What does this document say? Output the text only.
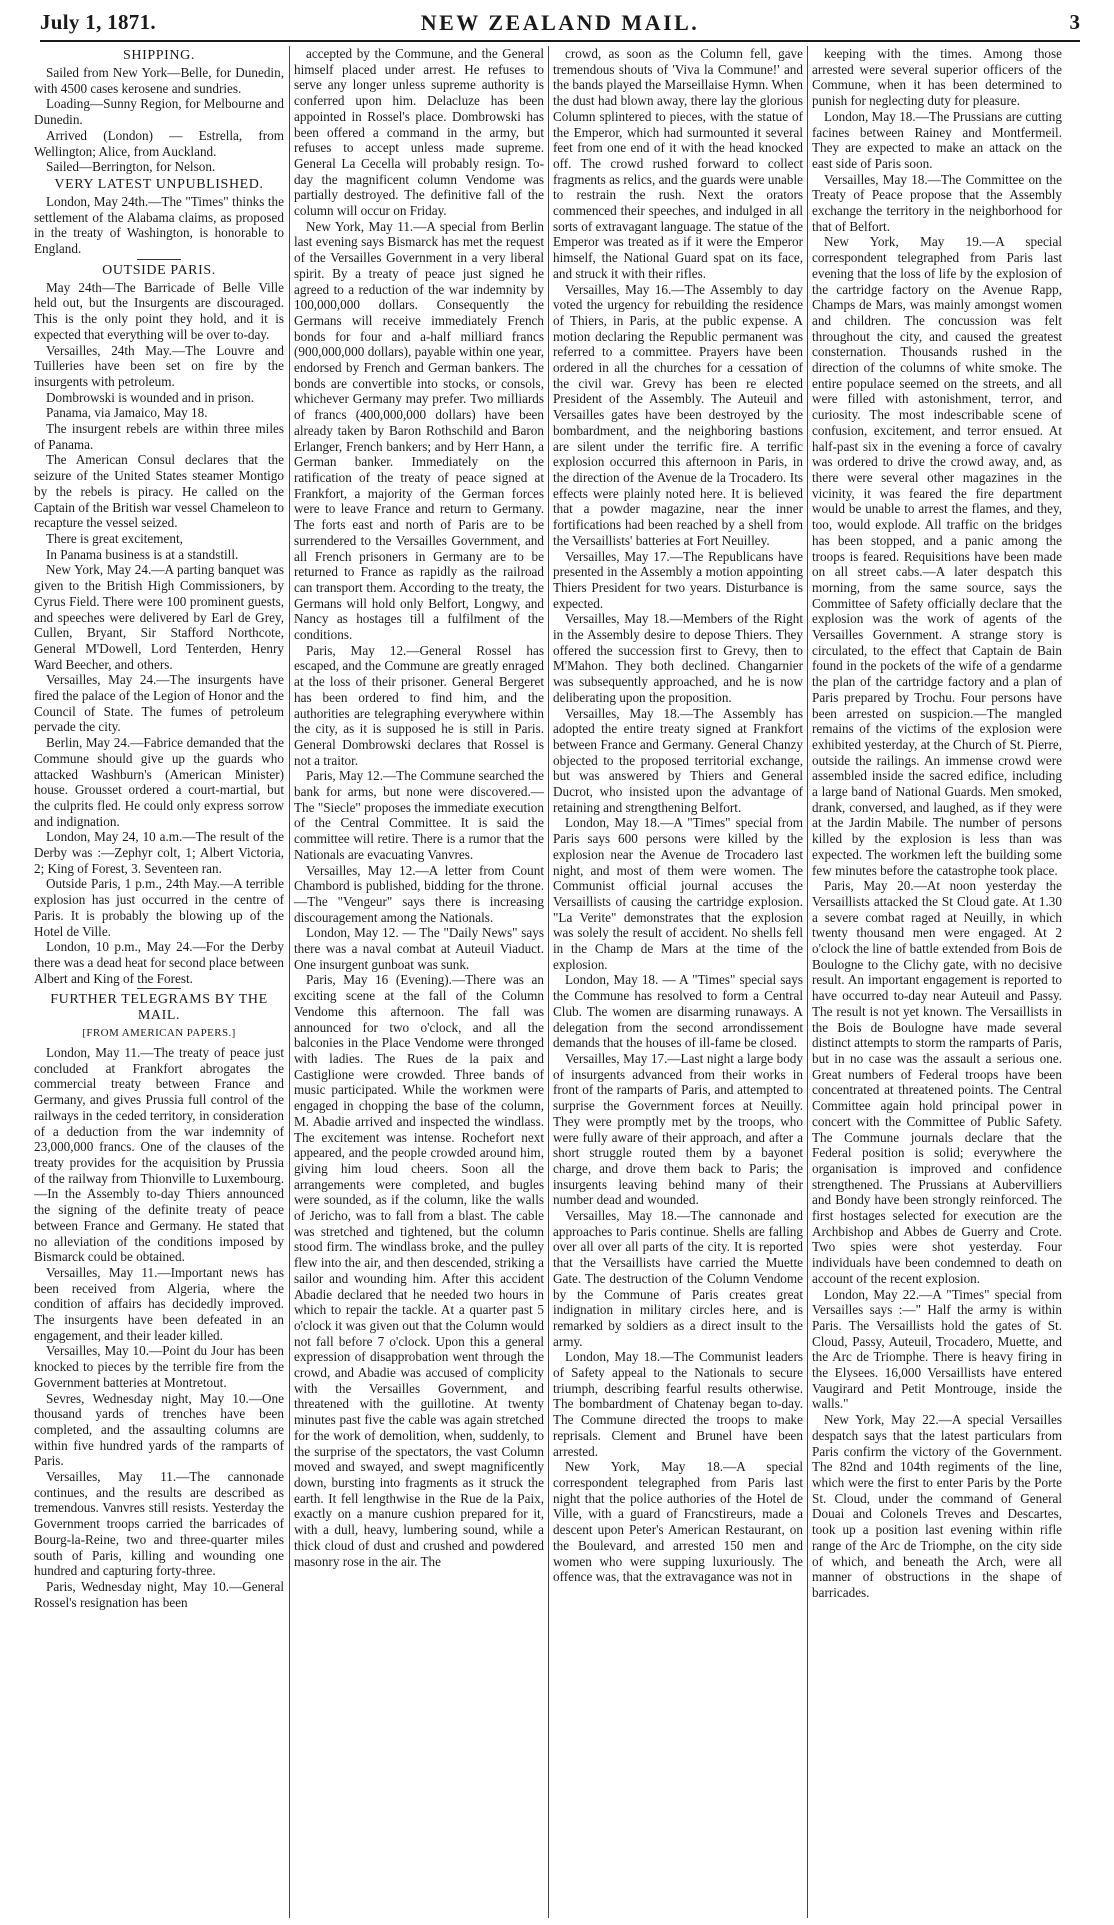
July 1, 1871.	NEW ZEALAND MAIL.	3
SHIPPING.

Sailed from New York—Belle, for Dunedin, with 4500 cases kerosene and sundries.

Loading—Sunny Region, for Melbourne and Dunedin.

Arrived (London) — Estrella, from Wellington; Alice, from Auckland.

Sailed—Berrington, for Nelson.

VERY LATEST UNPUBLISHED.

London, May 24th.—The "Times" thinks the settlement of the Alabama claims, as proposed in the treaty of Washington, is honorable to England.

OUTSIDE PARIS.

May 24th—The Barricade of Belle Ville held out, but the Insurgents are discouraged. This is the only point they hold, and it is expected that everything will be over to-day.

Versailles, 24th May.—The Louvre and Tuilleries have been set on fire by the insurgents with petroleum.

Dombrowski is wounded and in prison.

Panama, via Jamaico, May 18.

The insurgent rebels are within three miles of Panama.

The American Consul declares that the seizure of the United States steamer Montigo by the rebels is piracy. He called on the Captain of the British war vessel Chameleon to recapture the vessel seized.

There is great excitement,

In Panama business is at a standstill.

New York, May 24.—A parting banquet was given to the British High Commissioners, by Cyrus Field. There were 100 prominent guests, and speeches were delivered by Earl de Grey, Cullen, Bryant, Sir Stafford Northcote, General M'Dowell, Lord Tenterden, Henry Ward Beecher, and others.

Versailles, May 24.—The insurgents have fired the palace of the Legion of Honor and the Council of State. The fumes of petroleum pervade the city.

Berlin, May 24.—Fabrice demanded that the Commune should give up the guards who attacked Washburn's (American Minister) house. Grousset ordered a court-martial, but the culprits fled. He could only express sorrow and indignation.

London, May 24, 10 a.m.—The result of the Derby was :—Zephyr colt, 1; Albert Victoria, 2; King of Forest, 3. Seventeen ran.

Outside Paris, 1 p.m., 24th May.—A terrible explosion has just occurred in the centre of Paris. It is probably the blowing up of the Hotel de Ville.

London, 10 p.m., May 24.—For the Derby there was a dead heat for second place between Albert and King of the Forest.

FURTHER TELEGRAMS BY THE MAIL.
[FROM AMERICAN PAPERS.]

London, May 11.—The treaty of peace just concluded at Frankfort abrogates the commercial treaty between France and Germany, and gives Prussia full control of the railways in the ceded territory, in consideration of a deduction from the war indemnity of 23,000,000 francs. One of the clauses of the treaty provides for the acquisition by Prussia of the railway from Thionville to Luxembourg.—In the Assembly to-day Thiers announced the signing of the definite treaty of peace between France and Germany. He stated that no alleviation of the conditions imposed by Bismarck could be obtained.

Versailles, May 11.—Important news has been received from Algeria, where the condition of affairs has decidedly improved. The insurgents have been defeated in an engagement, and their leader killed.

Versailles, May 10.—Point du Jour has been knocked to pieces by the terrible fire from the Government batteries at Montretout.

Sevres, Wednesday night, May 10.—One thousand yards of trenches have been completed, and the assaulting columns are within five hundred yards of the ramparts of Paris.

Versailles, May 11.—The cannonade continues, and the results are described as tremendous. Vanvres still resists. Yesterday the Government troops carried the barricades of Bourg-la-Reine, two and three-quarter miles south of Paris, killing and wounding one hundred and capturing forty-three.

Paris, Wednesday night, May 10.—General Rossel's resignation has been

accepted by the Commune, and the General himself placed under arrest. He refuses to serve any longer unless supreme authority is conferred upon him. Delacluze has been appointed in Rossel's place. Dombrowski has been offered a command in the army, but refuses to accept unless made supreme. General La Cecella will probably resign. To-day the magnificent column Vendome was partially destroyed. The definitive fall of the column will occur on Friday.

New York, May 11.—A special from Berlin last evening says Bismarck has met the request of the Versailles Government in a very liberal spirit. By a treaty of peace just signed he agreed to a reduction of the war indemnity by 100,000,000 dollars. Consequently the Germans will receive immediately French bonds for four and a-half milliard francs (900,000,000 dollars), payable within one year, endorsed by French and German bankers. The bonds are convertible into stocks, or consols, whichever Germany may prefer. Two milliards of francs (400,000,000 dollars) have been already taken by Baron Rothschild and Baron Erlanger, French bankers; and by Herr Hann, a German banker. Immediately on the ratification of the treaty of peace signed at Frankfort, a majority of the German forces were to leave France and return to Germany. The forts east and north of Paris are to be surrendered to the Versailles Government, and all French prisoners in Germany are to be returned to France as rapidly as the railroad can transport them. According to the treaty, the Germans will hold only Belfort, Longwy, and Nancy as hostages till a fulfilment of the conditions.

Paris, May 12.—General Rossel has escaped, and the Commune are greatly enraged at the loss of their prisoner. General Bergeret has been ordered to find him, and the authorities are telegraphing everywhere within the city, as it is supposed he is still in Paris. General Dombrowski declares that Rossel is not a traitor.

Paris, May 12.—The Commune searched the bank for arms, but none were discovered.—The "Siecle" proposes the immediate execution of the Central Committee. It is said the committee will retire. There is a rumor that the Nationals are evacuating Vanvres.

Versailles, May 12.—A letter from Count Chambord is published, bidding for the throne.—The "Vengeur" says there is increasing discouragement among the Nationals.

London, May 12. — The "Daily News" says there was a naval combat at Auteuil Viaduct. One insurgent gunboat was sunk.

Paris, May 16 (Evening).—There was an exciting scene at the fall of the Column Vendome this afternoon. The fall was announced for two o'clock, and all the balconies in the Place Vendome were thronged with ladies. The Rues de la paix and Castiglione were crowded. Three bands of music participated. While the workmen were engaged in chopping the base of the column, M. Abadie arrived and inspected the windlass. The excitement was intense. Rochefort next appeared, and the people crowded around him, giving him loud cheers. Soon all the arrangements were completed, and bugles were sounded, as if the column, like the walls of Jericho, was to fall from a blast. The cable was stretched and tightened, but the column stood firm. The windlass broke, and the pulley flew into the air, and then descended, striking a sailor and wounding him. After this accident Abadie declared that he needed two hours in which to repair the tackle. At a quarter past 5 o'clock it was given out that the Column would not fall before 7 o'clock. Upon this a general expression of disapprobation went through the crowd, and Abadie was accused of complicity with the Versailles Government, and threatened with the guillotine. At twenty minutes past five the cable was again stretched for the work of demolition, when, suddenly, to the surprise of the spectators, the vast Column moved and swayed, and swept magnificently down, bursting into fragments as it struck the earth. It fell lengthwise in the Rue de la Paix, exactly on a manure cushion prepared for it, with a dull, heavy, lumbering sound, while a thick cloud of dust and crushed and powdered masonry rose in the air. The

crowd, as soon as the Column fell, gave tremendous shouts of 'Viva la Commune!' and the bands played the Marseillaise Hymn. When the dust had blown away, there lay the glorious Column splintered to pieces, with the statue of the Emperor, which had surmounted it several feet from one end of it with the head knocked off. The crowd rushed forward to collect fragments as relics, and the guards were unable to restrain the rush. Next the orators commenced their speeches, and indulged in all sorts of extravagant language. The statue of the Emperor was treated as if it were the Emperor himself, the National Guard spat on its face, and struck it with their rifles.

Versailles, May 16.—The Assembly to day voted the urgency for rebuilding the residence of Thiers, in Paris, at the public expense. A motion declaring the Republic permanent was referred to a committee. Prayers have been ordered in all the churches for a cessation of the civil war. Grevy has been re elected President of the Assembly. The Auteuil and Versailles gates have been destroyed by the bombardment, and the neighboring bastions are silent under the terrific fire. A terrific explosion occurred this afternoon in Paris, in the direction of the Avenue de la Trocadero. Its effects were plainly noted here. It is believed that a powder magazine, near the inner fortifications had been reached by a shell from the Versaillists' batteries at Fort Neuilley.

Versailles, May 17.—The Republicans have presented in the Assembly a motion appointing Thiers President for two years. Disturbance is expected.

Versailles, May 18.—Members of the Right in the Assembly desire to depose Thiers. They offered the succession first to Grevy, then to M'Mahon. They both declined. Changarnier was subsequently approached, and he is now deliberating upon the proposition.

Versailles, May 18.—The Assembly has adopted the entire treaty signed at Frankfort between France and Germany. General Chanzy objected to the proposed territorial exchange, but was answered by Thiers and General Ducrot, who insisted upon the advantage of retaining and strengthening Belfort.

London, May 18.—A "Times" special from Paris says 600 persons were killed by the explosion near the Avenue de Trocadero last night, and most of them were women. The Communist official journal accuses the Versaillists of causing the cartridge explosion. "La Verite" demonstrates that the explosion was solely the result of accident. No shells fell in the Champ de Mars at the time of the explosion.

London, May 18. — A "Times" special says the Commune has resolved to form a Central Club. The women are disarming runaways. A delegation from the second arrondissement demands that the houses of ill-fame be closed.

Versailles, May 17.—Last night a large body of insurgents advanced from their works in front of the ramparts of Paris, and attempted to surprise the Government forces at Neuilly. They were promptly met by the troops, who were fully aware of their approach, and after a short struggle routed them by a bayonet charge, and drove them back to Paris; the insurgents leaving behind many of their number dead and wounded.

Versailles, May 18.—The cannonade and approaches to Paris continue. Shells are falling over all over all parts of the city. It is reported that the Versaillists have carried the Muette Gate. The destruction of the Column Vendome by the Commune of Paris creates great indignation in military circles here, and is remarked by soldiers as a direct insult to the army.

London, May 18.—The Communist leaders of Safety appeal to the Nationals to secure triumph, describing fearful results otherwise. The bombardment of Chatenay began to-day. The Commune directed the troops to make reprisals. Clement and Brunel have been arrested.

New York, May 18.—A special correspondent telegraphed from Paris last night that the police authories of the Hotel de Ville, with a guard of Francstireurs, made a descent upon Peter's American Restaurant, on the Boulevard, and arrested 150 men and women who were supping luxuriously. The offence was, that the extravagance was not in

keeping with the times. Among those arrested were several superior officers of the Commune, when it has been determined to punish for neglecting duty for pleasure.

London, May 18.—The Prussians are cutting facines between Rainey and Montfermeil. They are expected to make an attack on the east side of Paris soon.

Versailles, May 18.—The Committee on the Treaty of Peace propose that the Assembly exchange the territory in the neighborhood for that of Belfort.

New York, May 19.—A special correspondent telegraphed from Paris last evening that the loss of life by the explosion of the cartridge factory on the Avenue Rapp, Champs de Mars, was mainly amongst women and children. The concussion was felt throughout the city, and caused the greatest consternation. Thousands rushed in the direction of the columns of white smoke. The entire populace seemed on the streets, and all were filled with astonishment, terror, and curiosity. The most indescribable scene of confusion, excitement, and terror ensued. At half-past six in the evening a force of cavalry was ordered to drive the crowd away, and, as there were several other magazines in the vicinity, it was feared the fire department would be unable to arrest the flames, and they, too, would explode. All traffic on the bridges has been stopped, and a panic among the troops is feared. Requisitions have been made on all street cabs.—A later despatch this morning, from the same source, says the Committee of Safety officially declare that the explosion was the work of agents of the Versailles Government. A strange story is circulated, to the effect that Captain de Bain found in the pockets of the wife of a gendarme the plan of the cartridge factory and a plan of Paris prepared by Trochu. Four persons have been arrested on suspicion.—The mangled remains of the victims of the explosion were exhibited yesterday, at the Church of St. Pierre, outside the railings. An immense crowd were assembled inside the sacred edifice, including a large band of National Guards. Men smoked, drank, conversed, and laughed, as if they were at the Jardin Mabile. The number of persons killed by the explosion is less than was expected. The workmen left the building some few minutes before the catastrophe took place.

Paris, May 20.—At noon yesterday the Versaillists attacked the St Cloud gate. At 1.30 a severe combat raged at Neuilly, in which twenty thousand men were engaged. At 2 o'clock the line of battle extended from Bois de Boulogne to the Clichy gate, with no decisive result. An important engagement is reported to have occurred to-day near Auteuil and Passy. The result is not yet known. The Versaillists in the Bois de Boulogne have made several distinct attempts to storm the ramparts of Paris, but in no case was the assault a serious one. Great numbers of Federal troops have been concentrated at threatened points. The Central Committee again hold principal power in concert with the Committee of Public Safety. The Commune journals declare that the Federal position is solid; everywhere the organisation is improved and confidence strengthened. The Prussians at Aubervilliers and Bondy have been strongly reinforced. The first hostages selected for execution are the Archbishop and Abbes de Guerry and Crote. Two spies were shot yesterday. Four individuals have been condemned to death on account of the recent explosion.

London, May 22.—A "Times" special from Versailles says :—" Half the army is within Paris. The Versaillists hold the gates of St. Cloud, Passy, Auteuil, Trocadero, Muette, and the Arc de Triomphe. There is heavy firing in the Elysees. 16,000 Versaillists have entered Vaugirard and Petit Montrouge, inside the walls."

New York, May 22.—A special Versailles despatch says that the latest particulars from Paris confirm the victory of the Government. The 82nd and 104th regiments of the line, which were the first to enter Paris by the Porte St. Cloud, under the command of General Douai and Colonels Treves and Descartes, took up a position last evening within rifle range of the Arc de Triomphe, on the city side of which, and beneath the Arch, were all manner of obstructions in the shape of barricades.
